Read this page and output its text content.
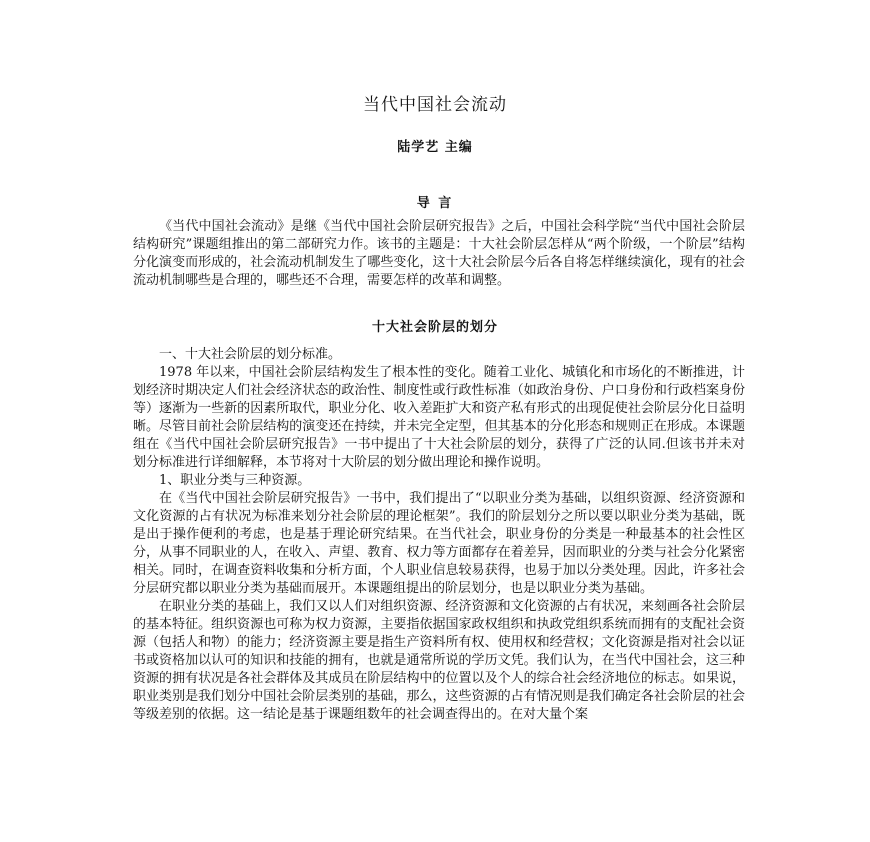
当代中国社会流动
陆学艺 主编
导 言

《当代中国社会流动》是继《当代中国社会阶层研究报告》之后，中国社会科学院“当代中国社会阶层结构研究”课题组推出的第二部研究力作。该书的主题是：十大社会阶层怎样从“两个阶级，一个阶层”结构分化演变而形成的，社会流动机制发生了哪些变化，这十大社会阶层今后各自将怎样继续演化，现有的社会流动机制哪些是合理的，哪些还不合理，需要怎样的改革和调整。

十大社会阶层的划分

一、十大社会阶层的划分标准。

1978 年以来，中国社会阶层结构发生了根本性的变化。随着工业化、城镇化和市场化的不断推进，计划经济时期决定人们社会经济状态的政治性、制度性或行政性标准（如政治身份、户口身份和行政档案身份等）逐渐为一些新的因素所取代，职业分化、收入差距扩大和资产私有形式的出现促使社会阶层分化日益明晰。尽管目前社会阶层结构的演变还在持续，并未完全定型，但其基本的分化形态和规则正在形成。本课题组在《当代中国社会阶层研究报告》一书中提出了十大社会阶层的划分，获得了广泛的认同.但该书并未对划分标准进行详细解释，本节将对十大阶层的划分做出理论和操作说明。

1、职业分类与三种资源。

在《当代中国社会阶层研究报告》一书中，我们提出了“以职业分类为基础，以组织资源、经济资源和文化资源的占有状况为标准来划分社会阶层的理论框架”。我们的阶层划分之所以要以职业分类为基础，既是出于操作便利的考虑，也是基于理论研究结果。在当代社会，职业身份的分类是一种最基本的社会性区分，从事不同职业的人，在收入、声望、教育、权力等方面都存在着差异，因而职业的分类与社会分化紧密相关。同时，在调查资料收集和分析方面，个人职业信息较易获得，也易于加以分类处理。因此，许多社会分层研究都以职业分类为基础而展开。本课题组提出的阶层划分，也是以职业分类为基础。

在职业分类的基础上，我们又以人们对组织资源、经济资源和文化资源的占有状况，来刻画各社会阶层的基本特征。组织资源也可称为权力资源，主要指依据国家政权组织和执政党组织系统而拥有的支配社会资源（包括人和物）的能力；经济资源主要是指生产资料所有权、使用权和经营权；文化资源是指对社会以证书或资格加以认可的知识和技能的拥有，也就是通常所说的学历文凭。我们认为，在当代中国社会，这三种资源的拥有状况是各社会群体及其成员在阶层结构中的位置以及个人的综合社会经济地位的标志。如果说，职业类别是我们划分中国社会阶层类别的基础，那么，这些资源的占有情况则是我们确定各社会阶层的社会等级差别的依据。这一结论是基于课题组数年的社会调查得出的。在对大量个案
